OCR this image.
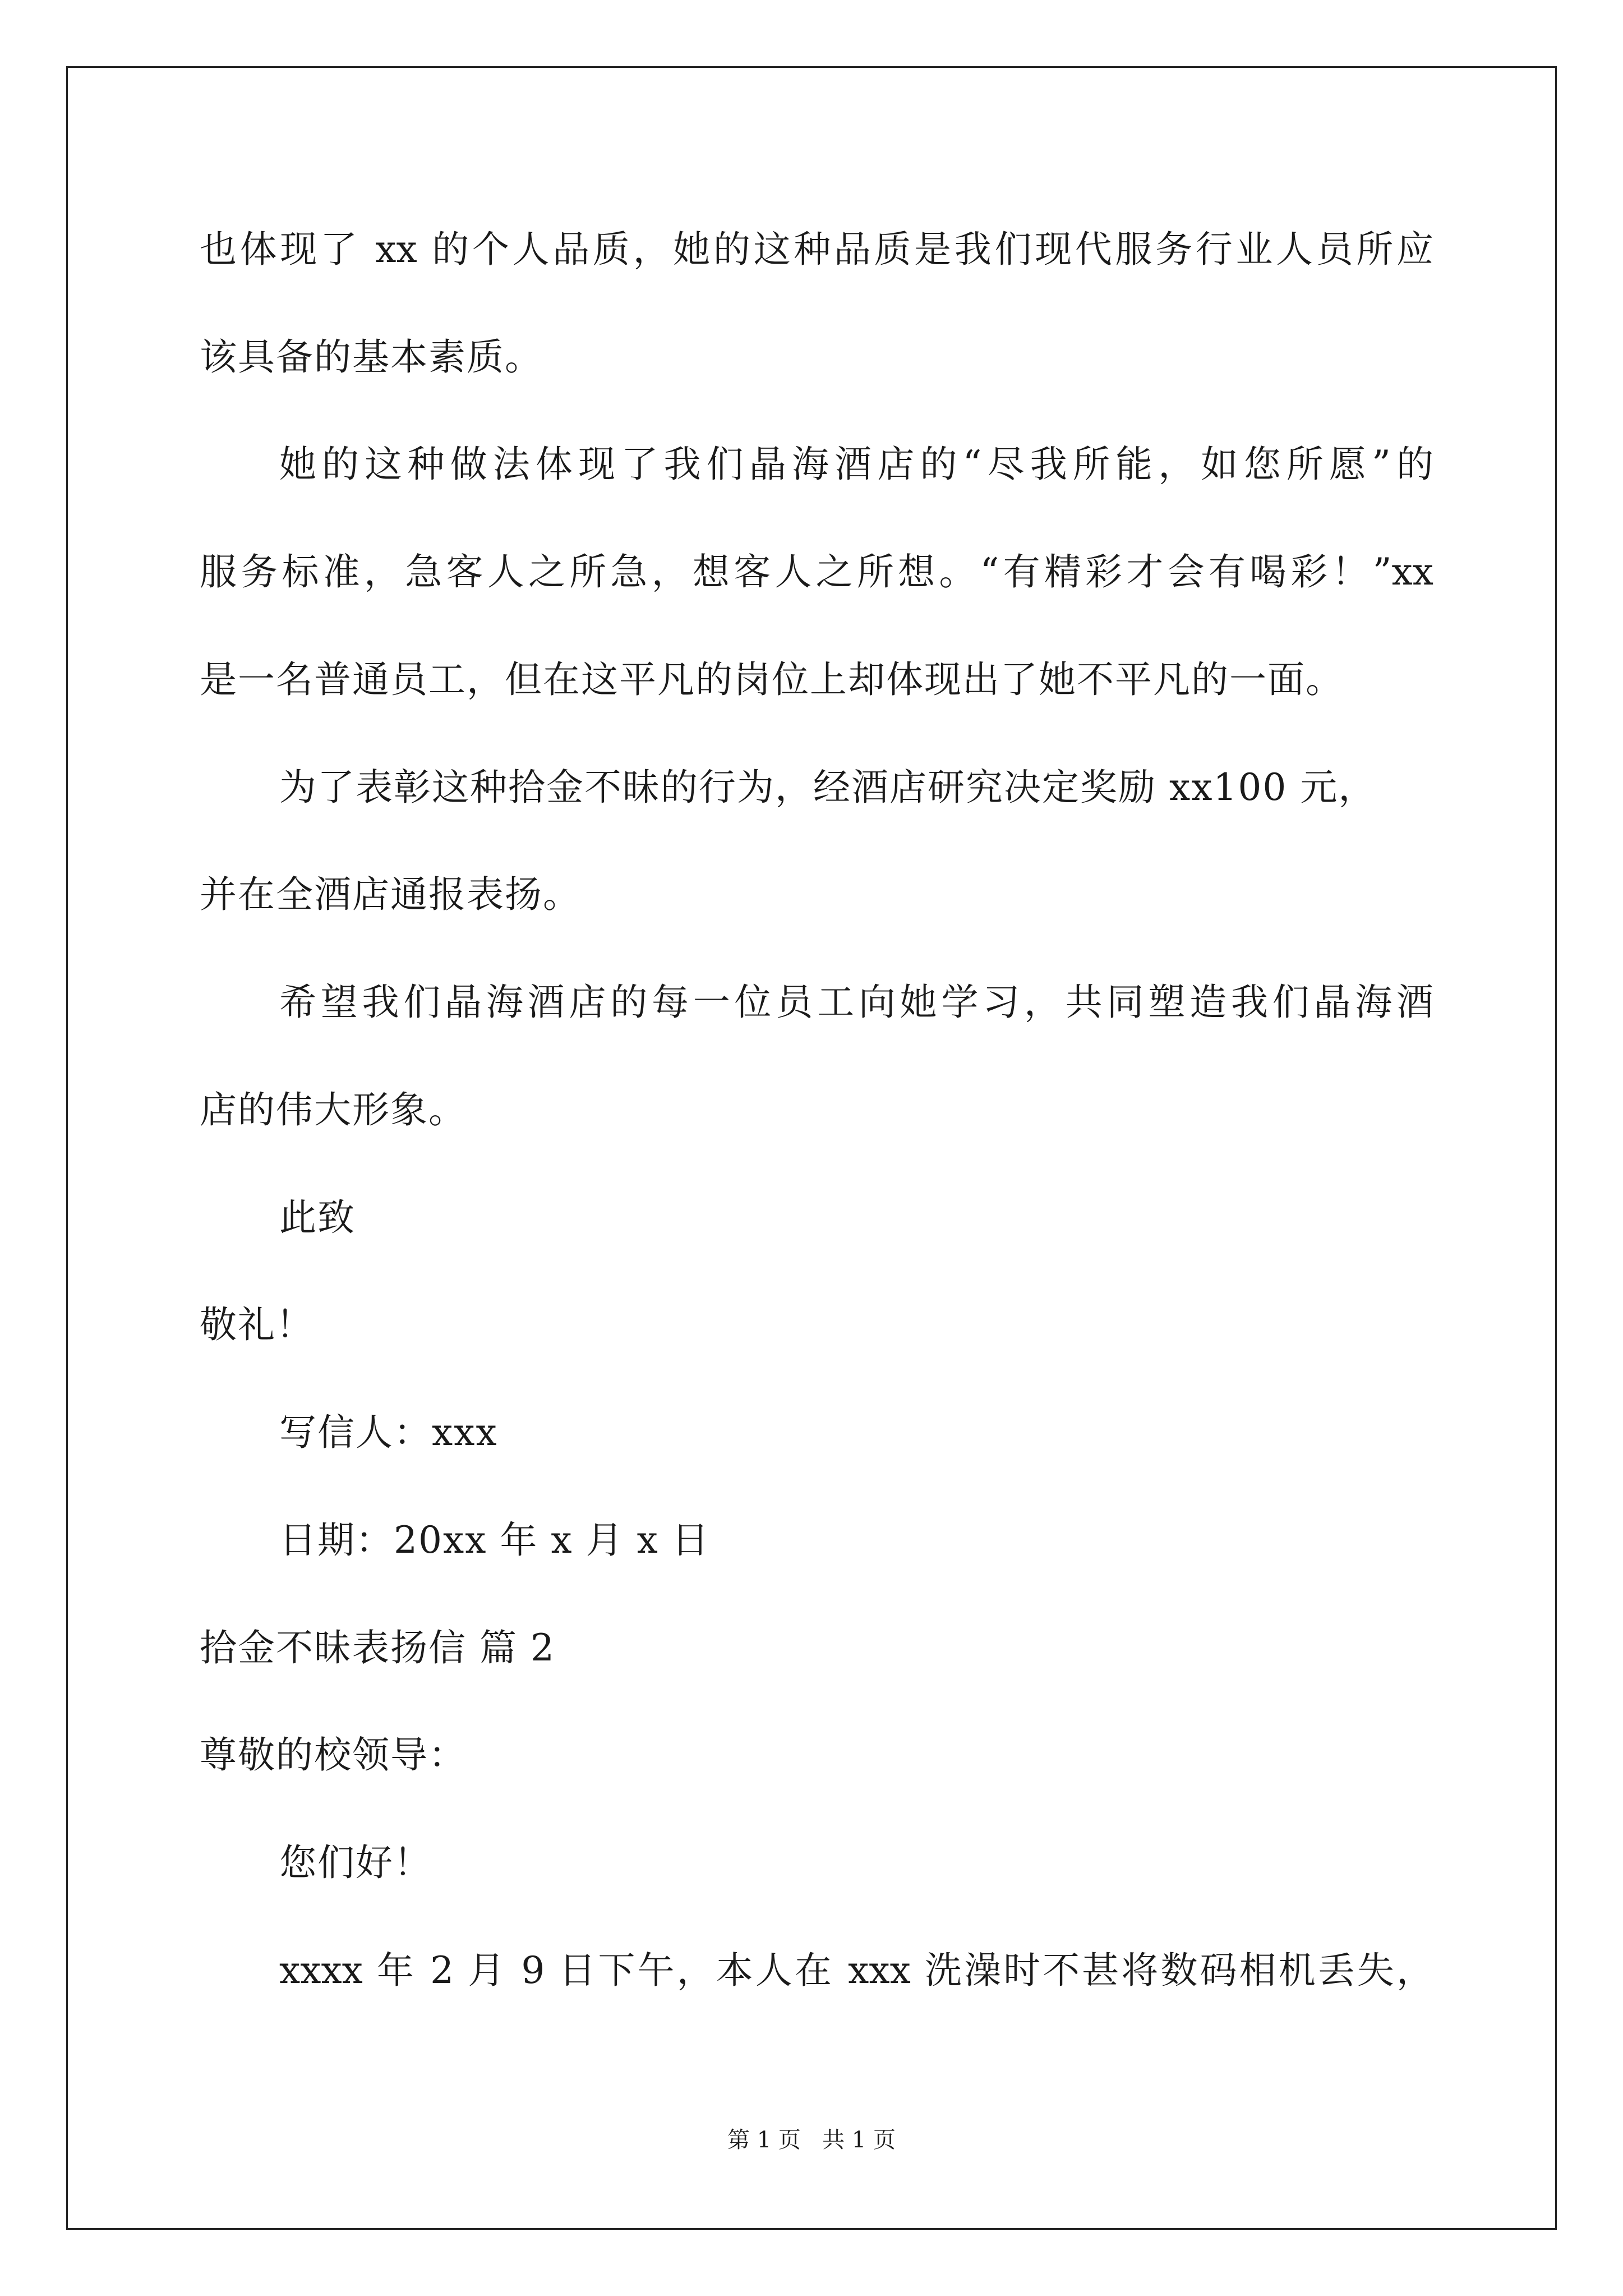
也体现了 xx 的个人品质，她的这种品质是我们现代服务行业人员所应
该具备的基本素质。
她的这种做法体现了我们晶海酒店的“尽我所能，如您所愿”的
服务标准，急客人之所急，想客人之所想。“有精彩才会有喝彩！”xx
是一名普通员工，但在这平凡的岗位上却体现出了她不平凡的一面。
为了表彰这种拾金不昧的行为，经酒店研究决定奖励 xx100 元，
并在全酒店通报表扬。
希望我们晶海酒店的每一位员工向她学习，共同塑造我们晶海酒
店的伟大形象。
此致
敬礼！
写信人：xxx
日期：20xx 年 x 月 x 日
拾金不昧表扬信 篇 2
尊敬的校领导：
您们好！
xxxx 年 2 月 9 日下午，本人在 xxx 洗澡时不甚将数码相机丢失，
第 1 页   共 1 页
